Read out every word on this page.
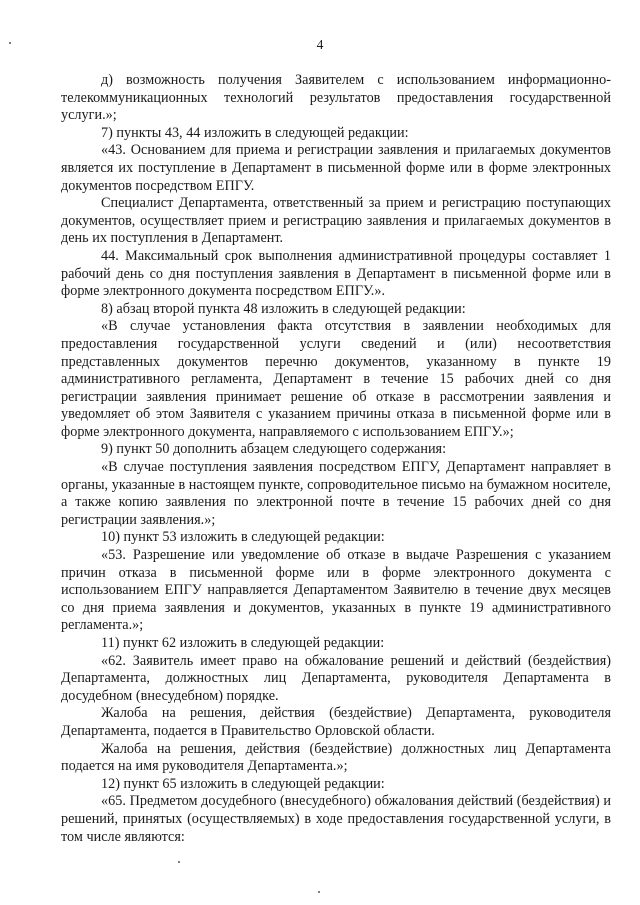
4

д) возможность получения Заявителем с использованием информационно-телекоммуникационных технологий результатов предоставления государственной услуги.»;

7) пункты 43, 44 изложить в следующей редакции:

«43. Основанием для приема и регистрации заявления и прилагаемых документов является их поступление в Департамент в письменной форме или в форме электронных документов посредством ЕПГУ.

Специалист Департамента, ответственный за прием и регистрацию поступающих документов, осуществляет прием и регистрацию заявления и прилагаемых документов в день их поступления в Департамент.

44. Максимальный срок выполнения административной процедуры составляет 1 рабочий день со дня поступления заявления в Департамент в письменной форме или в форме электронного документа посредством ЕПГУ.».

8) абзац второй пункта 48 изложить в следующей редакции:

«В случае установления факта отсутствия в заявлении необходимых для предоставления государственной услуги сведений и (или) несоответствия представленных документов перечню документов, указанному в пункте 19 административного регламента, Департамент в течение 15 рабочих дней со дня регистрации заявления принимает решение об отказе в рассмотрении заявления и уведомляет об этом Заявителя с указанием причины отказа в письменной форме или в форме электронного документа, направляемого с использованием ЕПГУ.»;

9) пункт 50 дополнить абзацем следующего содержания:

«В случае поступления заявления посредством ЕПГУ, Департамент направляет в органы, указанные в настоящем пункте, сопроводительное письмо на бумажном носителе, а также копию заявления по электронной почте в течение 15 рабочих дней со дня регистрации заявления.»;

10) пункт 53 изложить в следующей редакции:

«53. Разрешение или уведомление об отказе в выдаче Разрешения с указанием причин отказа в письменной форме или в форме электронного документа с использованием ЕПГУ направляется Департаментом Заявителю в течение двух месяцев со дня приема заявления и документов, указанных в пункте 19 административного регламента.»;

11) пункт 62 изложить в следующей редакции:

«62. Заявитель имеет право на обжалование решений и действий (бездействия) Департамента, должностных лиц Департамента, руководителя Департамента в досудебном (внесудебном) порядке.

Жалоба на решения, действия (бездействие) Департамента, руководителя Департамента, подается в Правительство Орловской области.

Жалоба на решения, действия (бездействие) должностных лиц Департамента подается на имя руководителя Департамента.»;

12) пункт 65 изложить в следующей редакции:

«65. Предметом досудебного (внесудебного) обжалования действий (бездействия) и решений, принятых (осуществляемых) в ходе предоставления государственной услуги, в том числе являются:
